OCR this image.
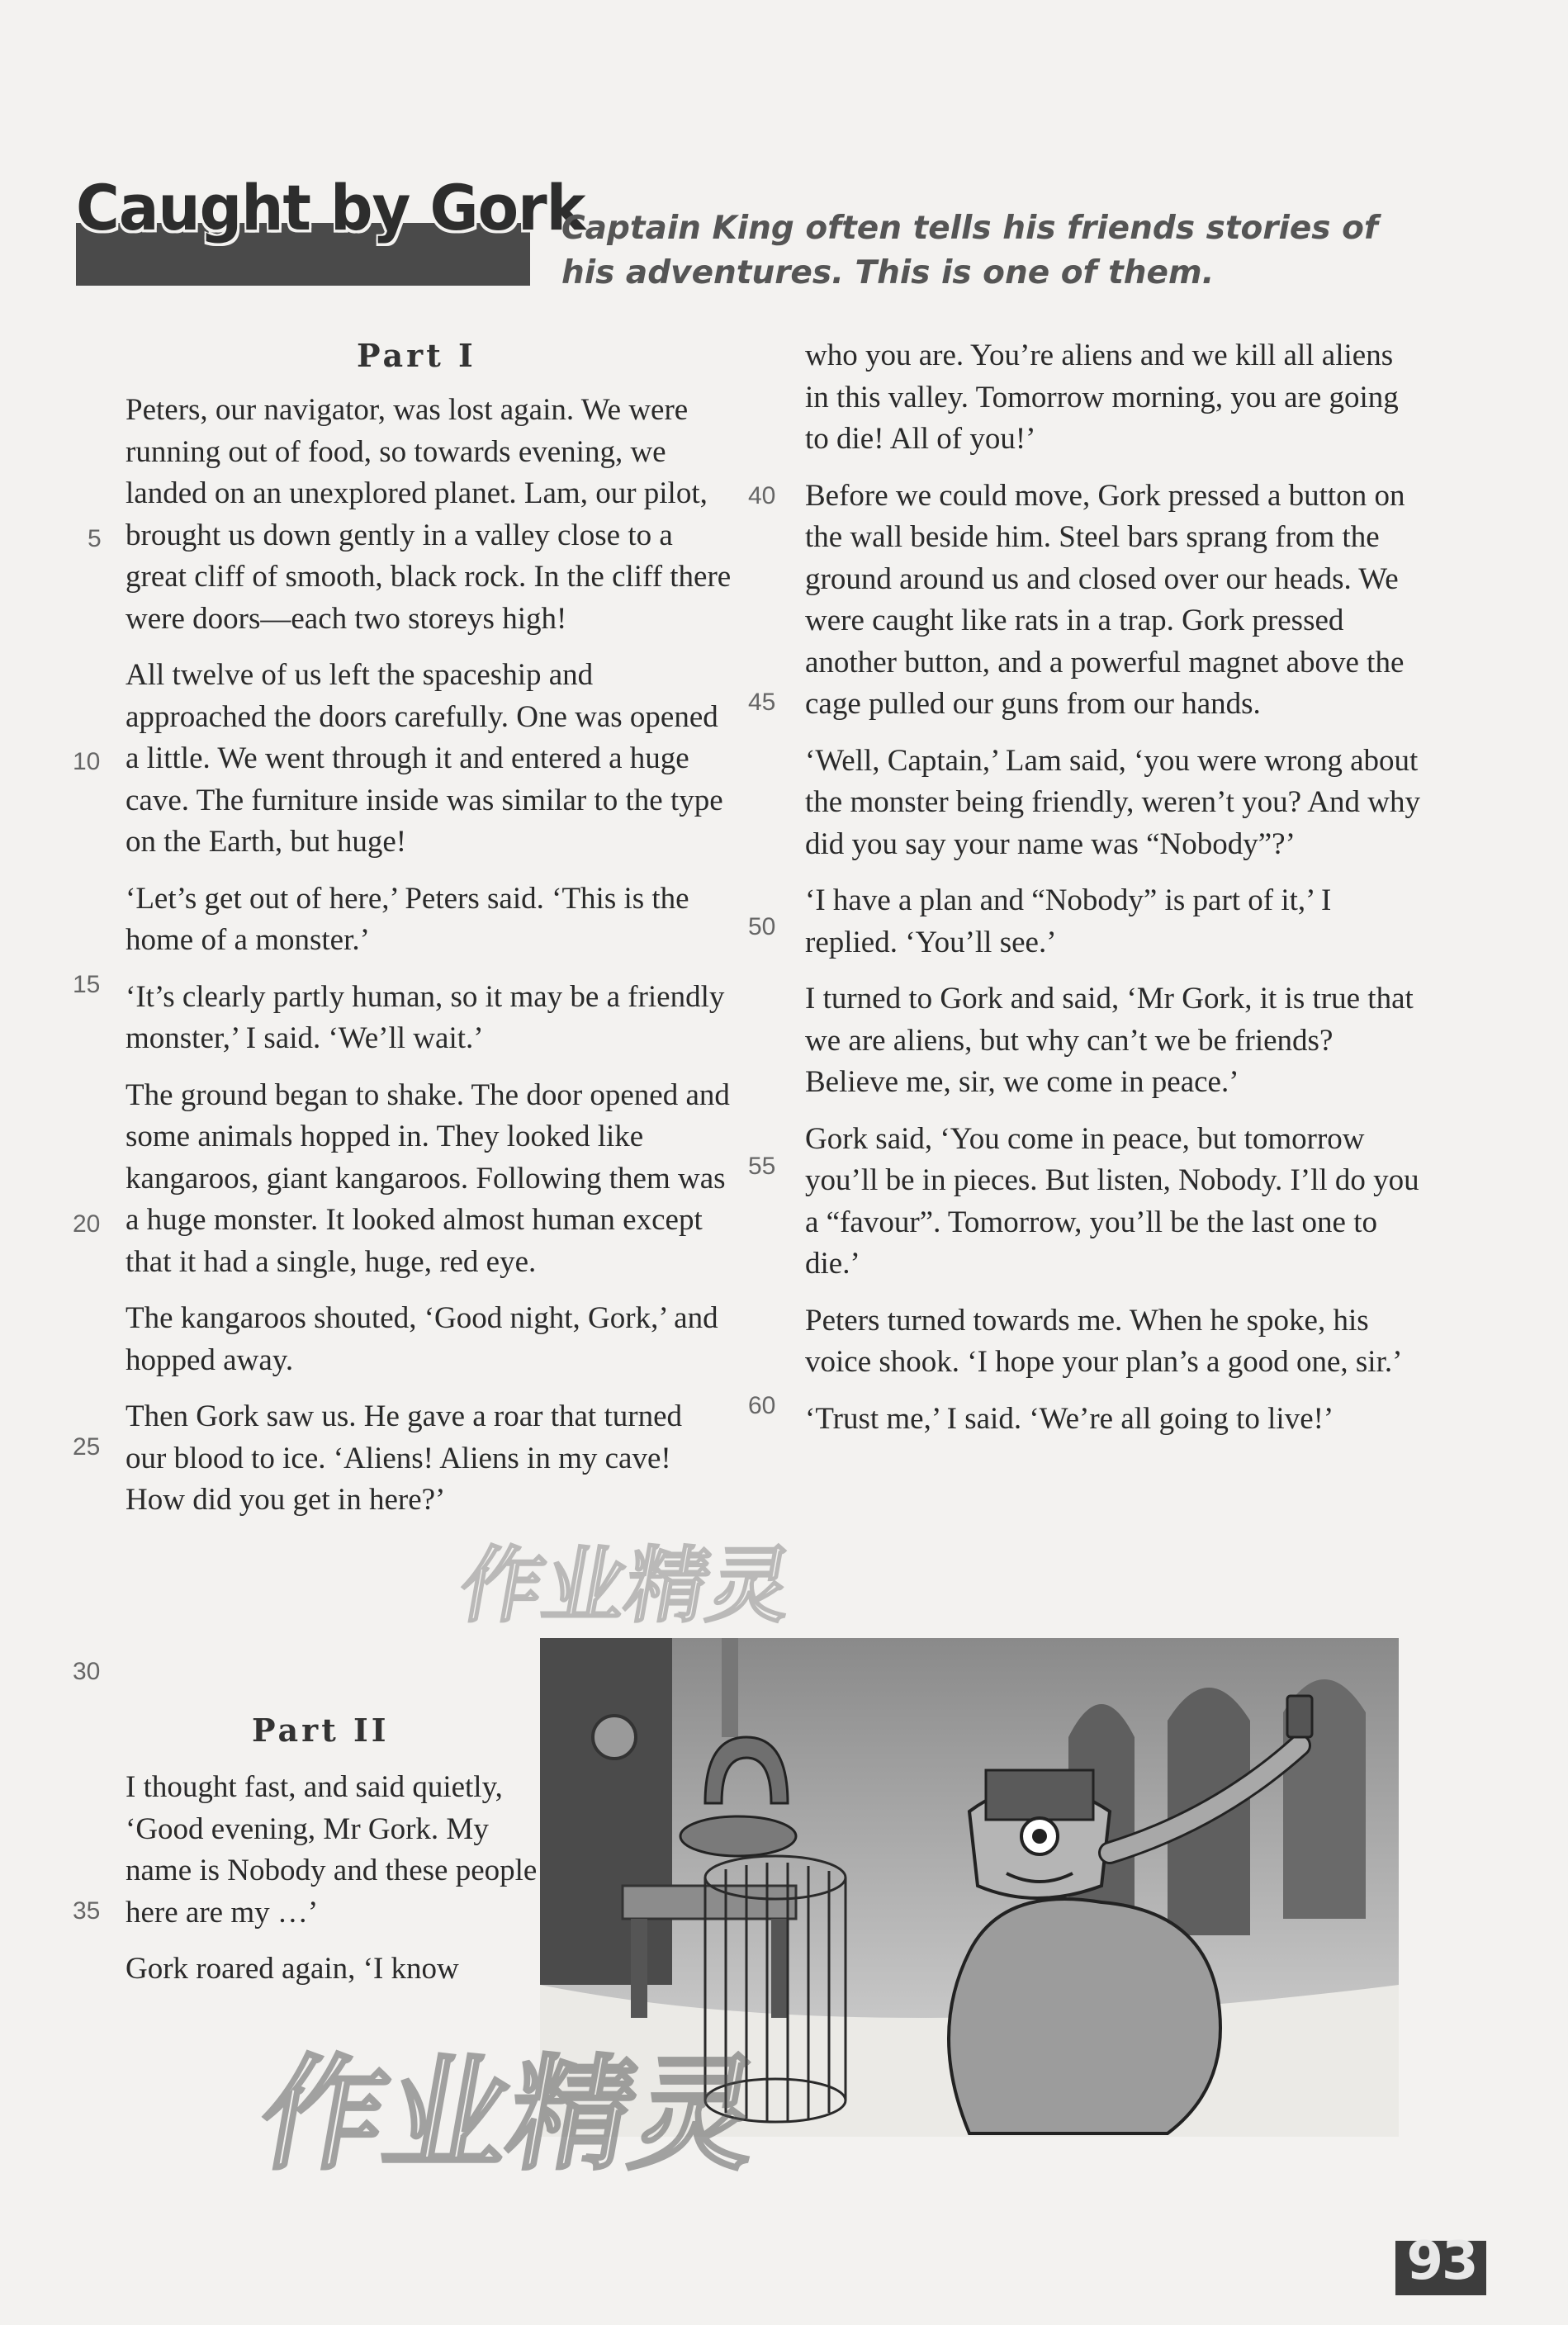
Caught by Gork
Captain King often tells his friends stories of his adventures. This is one of them.
Part I

Peters, our navigator, was lost again. We were running out of food, so towards evening, we landed on an unexplored planet. Lam, our pilot, brought us down gently in a valley close to a great cliff of smooth, black rock. In the cliff there were doors—each two storeys high!

All twelve of us left the spaceship and approached the doors carefully. One was opened a little. We went through it and entered a huge cave. The furniture inside was similar to the type on the Earth, but huge!

‘Let’s get out of here,’ Peters said. ‘This is the home of a monster.’

‘It’s clearly partly human, so it may be a friendly monster,’ I said. ‘We’ll wait.’

The ground began to shake. The door opened and some animals hopped in. They looked like kangaroos, giant kangaroos. Following them was a huge monster. It looked almost human except that it had a single, huge, red eye.

The kangaroos shouted, ‘Good night, Gork,’ and hopped away.

Then Gork saw us. He gave a roar that turned our blood to ice. ‘Aliens! Aliens in my cave! How did you get in here?’

Part II

I thought fast, and said quietly, ‘Good evening, Mr Gork. My name is Nobody and these people here are my …’

Gork roared again, ‘I know

5
10
15
20
25
30
35

who you are. You’re aliens and we kill all aliens in this valley. Tomorrow morning, you are going to die! All of you!’

Before we could move, Gork pressed a button on the wall beside him. Steel bars sprang from the ground around us and closed over our heads. We were caught like rats in a trap. Gork pressed another button, and a powerful magnet above the cage pulled our guns from our hands.

‘Well, Captain,’ Lam said, ‘you were wrong about the monster being friendly, weren’t you? And why did you say your name was “Nobody”?’

‘I have a plan and “Nobody” is part of it,’ I replied. ‘You’ll see.’

I turned to Gork and said, ‘Mr Gork, it is true that we are aliens, but why can’t we be friends? Believe me, sir, we come in peace.’

Gork said, ‘You come in peace, but tomorrow you’ll be in pieces. But listen, Nobody. I’ll do you a “favour”. Tomorrow, you’ll be the last one to die.’

Peters turned towards me. When he spoke, his voice shook. ‘I hope your plan’s a good one, sir.’

‘Trust me,’ I said. ‘We’re all going to live!’

40
45
50
55
60
作业精灵
作业精灵
93
